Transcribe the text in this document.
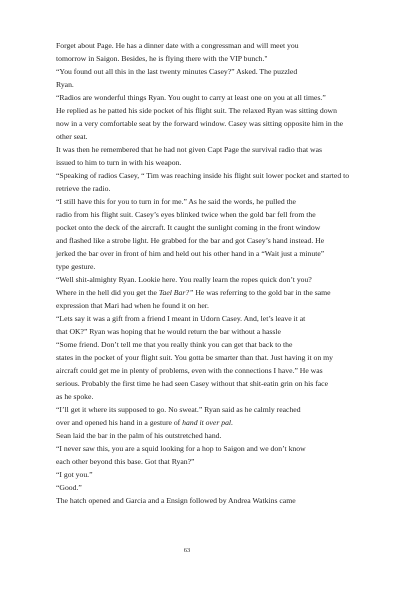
Forget about Page. He has a dinner date with a congressman and will meet you
tomorrow in Saigon. Besides, he is flying there with the VIP bunch."
“You found out all this in the last twenty minutes Casey?” Asked. The puzzled
Ryan.
“Radios are wonderful things Ryan. You ought to carry at least one on you at all times.”
He replied as he patted his side pocket of his flight suit. The relaxed Ryan was sitting down
now in a very comfortable seat by the forward window. Casey was sitting opposite him in the
other seat.
It was then he remembered that he had not given Capt Page the survival radio that was
issued to him to turn in with his weapon.
“Speaking of radios Casey, “ Tim was reaching inside his flight suit lower pocket and started to
retrieve the radio.
“I still have this for you to turn in for me.” As he said the words, he pulled the
radio from his flight suit. Casey’s eyes blinked twice when the gold bar fell from the
pocket onto the deck of the aircraft. It caught the sunlight coming in the front window
and flashed like a strobe light. He grabbed for the bar and got Casey’s hand instead. He
jerked the bar over in front of him and held out his other hand in a “Wait just a minute”
type gesture.
“Well shit-almighty Ryan. Lookie here. You really learn the ropes quick don’t you?
Where in the hell did you get the Tael Bar?” He was referring to the gold bar in the same
expression that Mari had when he found it on her.
“Lets say it was a gift from a friend I meant in Udorn Casey. And, let’s leave it at
that OK?” Ryan was hoping that he would return the bar without a hassle
“Some friend. Don’t tell me that you really think you can get that back to the
states in the pocket of your flight suit. You gotta be smarter than that. Just having it on my
aircraft could get me in plenty of problems, even with the connections I have.” He was
serious. Probably the first time he had seen Casey without that shit-eatin grin on his face
as he spoke.
“I’ll get it where its supposed to go. No sweat.” Ryan said as he calmly reached
over and opened his hand in a gesture of hand it over pal.
Sean laid the bar in the palm of his outstretched hand.
“I never saw this, you are a squid looking for a hop to Saigon and we don’t know
each other beyond this base. Got that Ryan?”
“I got you.”
“Good.”
The hatch opened and Garcia and a Ensign followed by Andrea Watkins came
63
